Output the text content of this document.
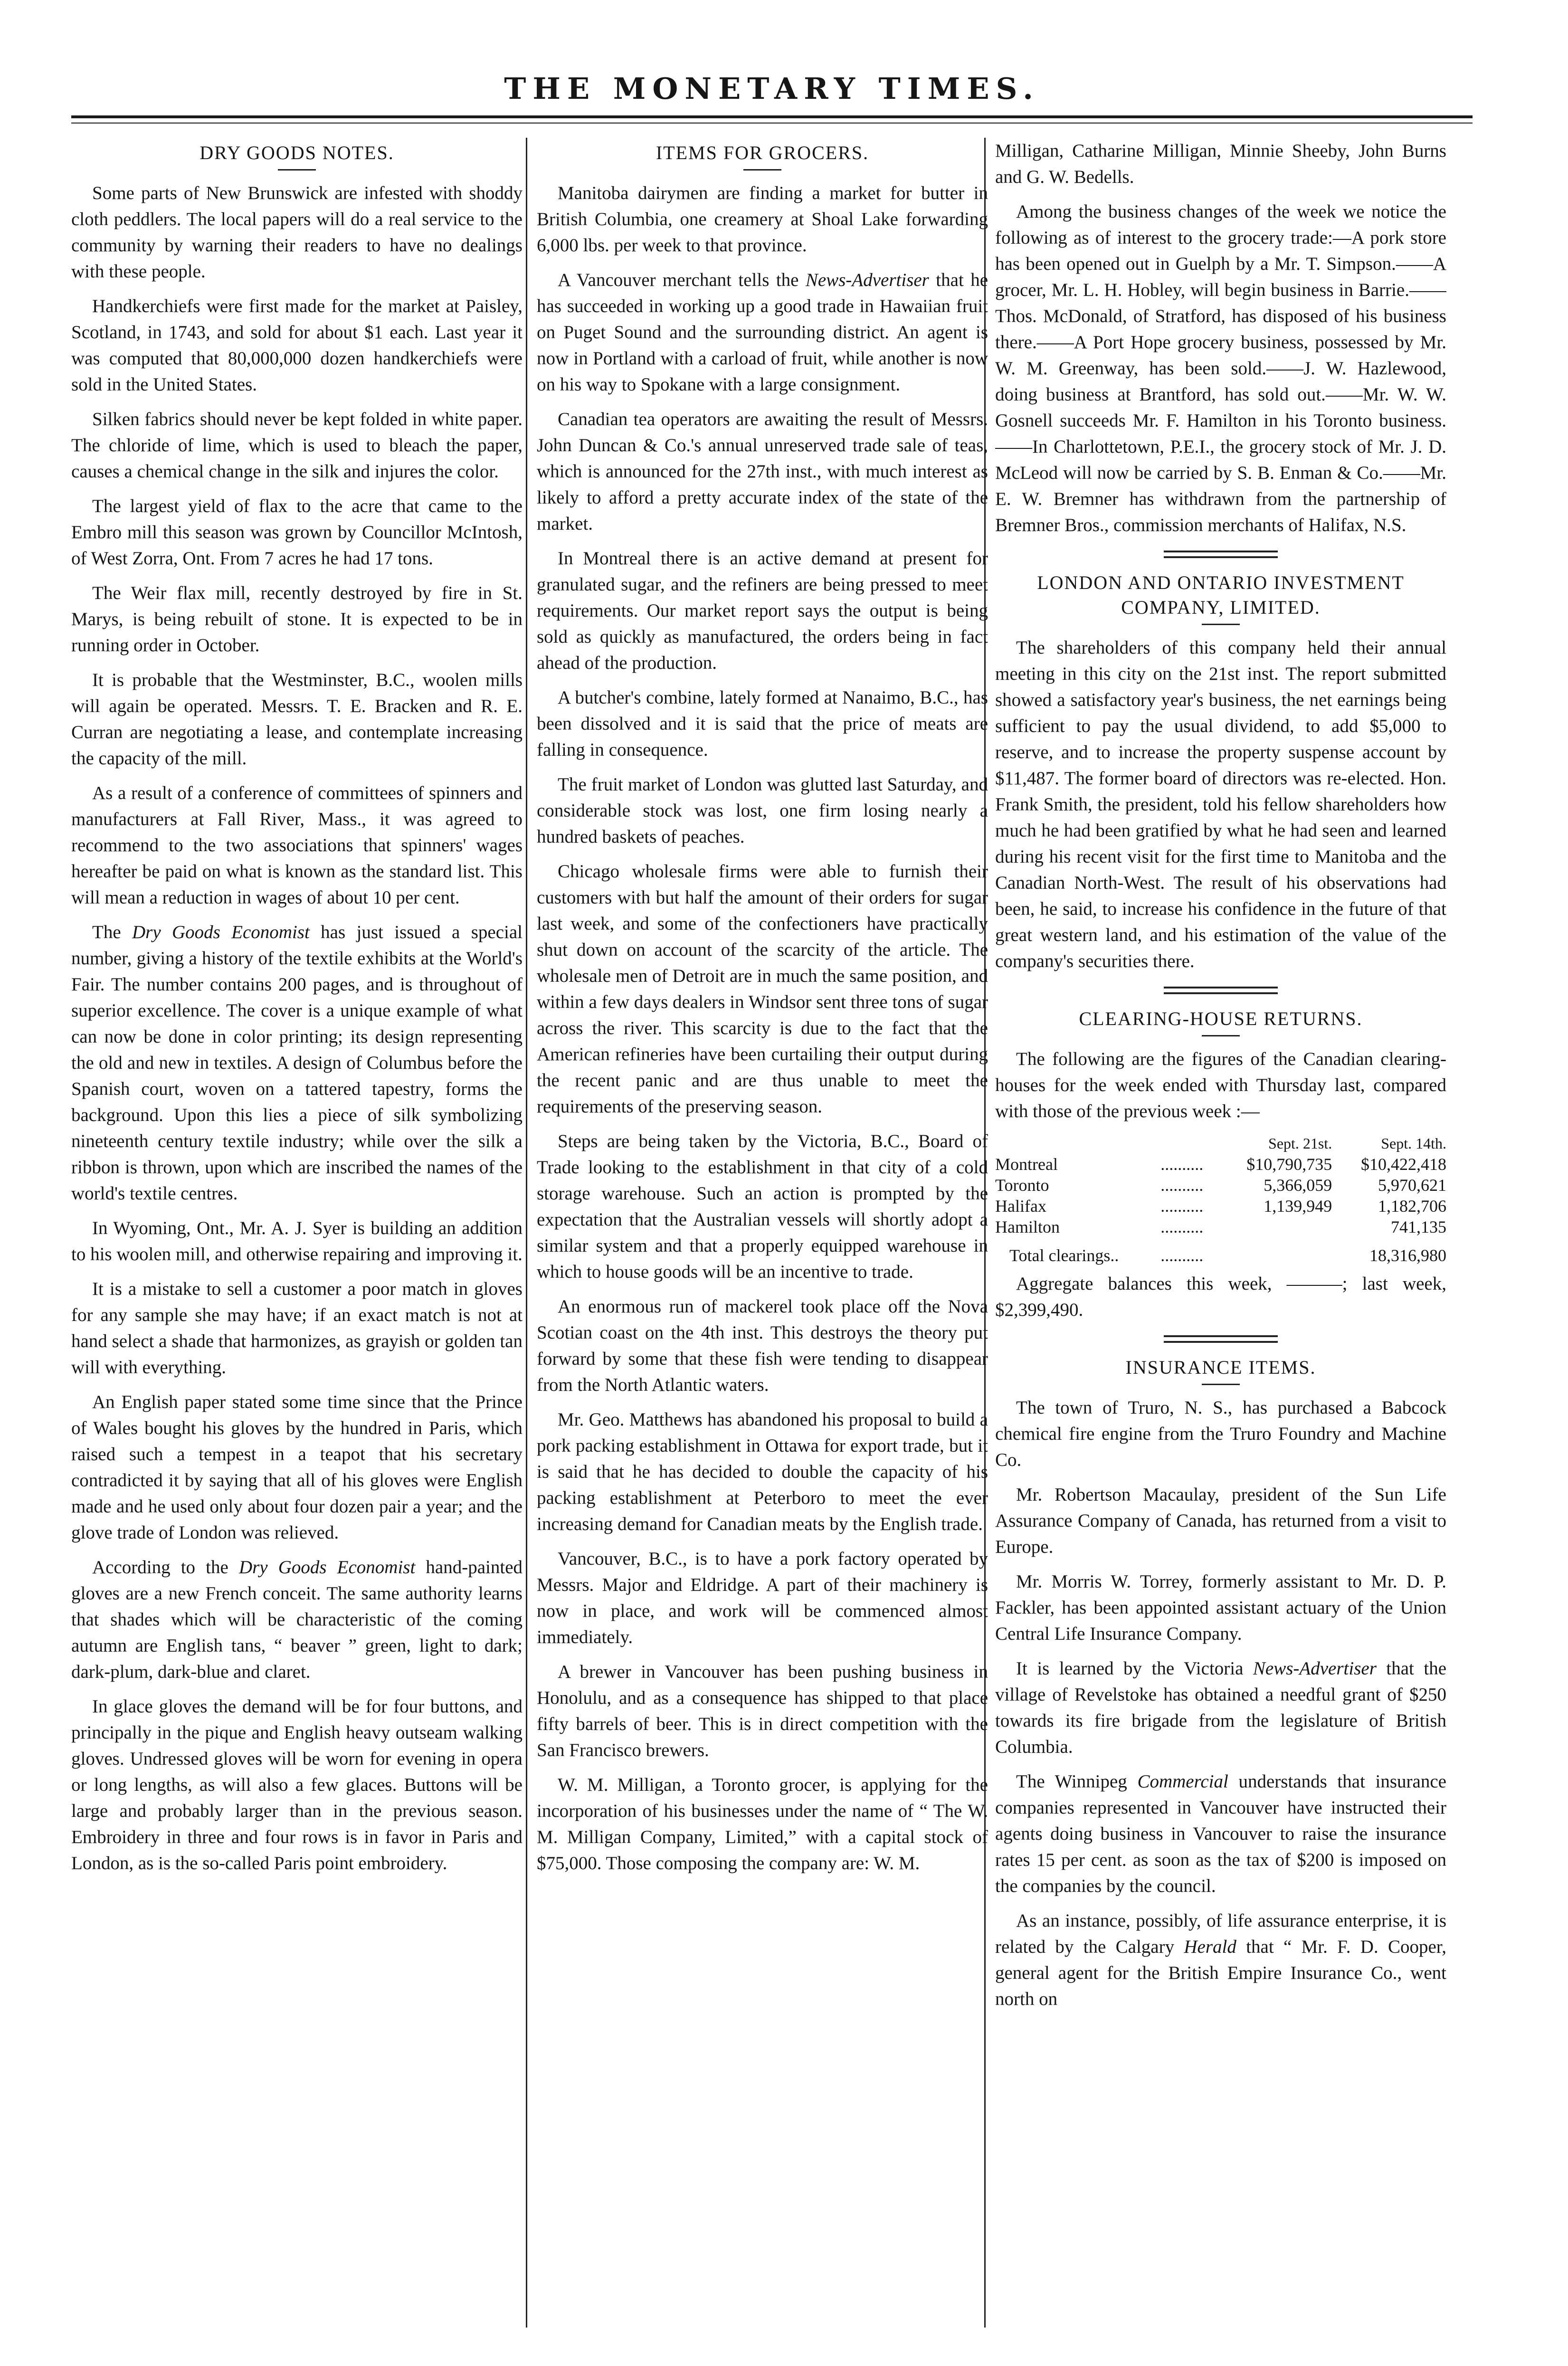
THE MONETARY TIMES.
DRY GOODS NOTES.

Some parts of New Brunswick are infested with shoddy cloth peddlers. The local papers will do a real service to the community by warning their readers to have no dealings with these people.

Handkerchiefs were first made for the market at Paisley, Scotland, in 1743, and sold for about $1 each. Last year it was computed that 80,000,000 dozen handkerchiefs were sold in the United States.

Silken fabrics should never be kept folded in white paper. The chloride of lime, which is used to bleach the paper, causes a chemical change in the silk and injures the color.

The largest yield of flax to the acre that came to the Embro mill this season was grown by Councillor McIntosh, of West Zorra, Ont. From 7 acres he had 17 tons.

The Weir flax mill, recently destroyed by fire in St. Marys, is being rebuilt of stone. It is expected to be in running order in October.

It is probable that the Westminster, B.C., woolen mills will again be operated. Messrs. T. E. Bracken and R. E. Curran are negotiating a lease, and contemplate increasing the capacity of the mill.

As a result of a conference of committees of spinners and manufacturers at Fall River, Mass., it was agreed to recommend to the two associations that spinners' wages hereafter be paid on what is known as the standard list. This will mean a reduction in wages of about 10 per cent.

The Dry Goods Economist has just issued a special number, giving a history of the textile exhibits at the World's Fair. The number contains 200 pages, and is throughout of superior excellence. The cover is a unique example of what can now be done in color printing; its design representing the old and new in textiles. A design of Columbus before the Spanish court, woven on a tattered tapestry, forms the background. Upon this lies a piece of silk symbolizing nineteenth century textile industry; while over the silk a ribbon is thrown, upon which are inscribed the names of the world's textile centres.

In Wyoming, Ont., Mr. A. J. Syer is building an addition to his woolen mill, and otherwise repairing and improving it.

It is a mistake to sell a customer a poor match in gloves for any sample she may have; if an exact match is not at hand select a shade that harmonizes, as grayish or golden tan will with everything.

An English paper stated some time since that the Prince of Wales bought his gloves by the hundred in Paris, which raised such a tempest in a teapot that his secretary contradicted it by saying that all of his gloves were English made and he used only about four dozen pair a year; and the glove trade of London was relieved.

According to the Dry Goods Economist hand-painted gloves are a new French conceit. The same authority learns that shades which will be characteristic of the coming autumn are English tans, “ beaver ” green, light to dark; dark-plum, dark-blue and claret.

In glace gloves the demand will be for four buttons, and principally in the pique and English heavy outseam walking gloves. Undressed gloves will be worn for evening in opera or long lengths, as will also a few glaces. Buttons will be large and probably larger than in the previous season. Embroidery in three and four rows is in favor in Paris and London, as is the so-called Paris point embroidery.

ITEMS FOR GROCERS.

Manitoba dairymen are finding a market for butter in British Columbia, one creamery at Shoal Lake forwarding 6,000 lbs. per week to that province.

A Vancouver merchant tells the News-Advertiser that he has succeeded in working up a good trade in Hawaiian fruit on Puget Sound and the surrounding district. An agent is now in Portland with a carload of fruit, while another is now on his way to Spokane with a large consignment.

Canadian tea operators are awaiting the result of Messrs. John Duncan & Co.'s annual unreserved trade sale of teas, which is announced for the 27th inst., with much interest as likely to afford a pretty accurate index of the state of the market.

In Montreal there is an active demand at present for granulated sugar, and the refiners are being pressed to meet requirements. Our market report says the output is being sold as quickly as manufactured, the orders being in fact ahead of the production.

A butcher's combine, lately formed at Nanaimo, B.C., has been dissolved and it is said that the price of meats are falling in consequence.

The fruit market of London was glutted last Saturday, and considerable stock was lost, one firm losing nearly a hundred baskets of peaches.

Chicago wholesale firms were able to furnish their customers with but half the amount of their orders for sugar last week, and some of the confectioners have practically shut down on account of the scarcity of the article. The wholesale men of Detroit are in much the same position, and within a few days dealers in Windsor sent three tons of sugar across the river. This scarcity is due to the fact that the American refineries have been curtailing their output during the recent panic and are thus unable to meet the requirements of the preserving season.

Steps are being taken by the Victoria, B.C., Board of Trade looking to the establishment in that city of a cold storage warehouse. Such an action is prompted by the expectation that the Australian vessels will shortly adopt a similar system and that a properly equipped warehouse in which to house goods will be an incentive to trade.

An enormous run of mackerel took place off the Nova Scotian coast on the 4th inst. This destroys the theory put forward by some that these fish were tending to disappear from the North Atlantic waters.

Mr. Geo. Matthews has abandoned his proposal to build a pork packing establishment in Ottawa for export trade, but it is said that he has decided to double the capacity of his packing establishment at Peterboro to meet the ever increasing demand for Canadian meats by the English trade.

Vancouver, B.C., is to have a pork factory operated by Messrs. Major and Eldridge. A part of their machinery is now in place, and work will be commenced almost immediately.

A brewer in Vancouver has been pushing business in Honolulu, and as a consequence has shipped to that place fifty barrels of beer. This is in direct competition with the San Francisco brewers.

W. M. Milligan, a Toronto grocer, is applying for the incorporation of his businesses under the name of “ The W. M. Milligan Company, Limited,” with a capital stock of $75,000. Those composing the company are: W. M.

Milligan, Catharine Milligan, Minnie Sheeby, John Burns and G. W. Bedells.

Among the business changes of the week we notice the following as of interest to the grocery trade:—A pork store has been opened out in Guelph by a Mr. T. Simpson.——A grocer, Mr. L. H. Hobley, will begin business in Barrie.——Thos. McDonald, of Stratford, has disposed of his business there.——A Port Hope grocery business, possessed by Mr. W. M. Greenway, has been sold.——J. W. Hazlewood, doing business at Brantford, has sold out.——Mr. W. W. Gosnell succeeds Mr. F. Hamilton in his Toronto business.——In Charlottetown, P.E.I., the grocery stock of Mr. J. D. McLeod will now be carried by S. B. Enman & Co.——Mr. E. W. Bremner has withdrawn from the partnership of Bremner Bros., commission merchants of Halifax, N.S.

LONDON AND ONTARIO INVESTMENT COMPANY, LIMITED.

The shareholders of this company held their annual meeting in this city on the 21st inst. The report submitted showed a satisfactory year's business, the net earnings being sufficient to pay the usual dividend, to add $5,000 to reserve, and to increase the property suspense account by $11,487. The former board of directors was re-elected. Hon. Frank Smith, the president, told his fellow shareholders how much he had been gratified by what he had seen and learned during his recent visit for the first time to Manitoba and the Canadian North-West. The result of his observations had been, he said, to increase his confidence in the future of that great western land, and his estimation of the value of the company's securities there.

CLEARING-HOUSE RETURNS.

The following are the figures of the Canadian clearing-houses for the week ended with Thursday last, compared with those of the previous week :—

		Sept. 21st.	Sept. 14th.
Montreal	..........	$10,790,735	$10,422,418
Toronto	..........	5,366,059	5,970,621
Halifax	..........	1,139,949	1,182,706
Hamilton	..........		741,135
Total clearings..	..........		18,316,980

Aggregate balances this week, ———; last week, $2,399,490.

INSURANCE ITEMS.

The town of Truro, N. S., has purchased a Babcock chemical fire engine from the Truro Foundry and Machine Co.

Mr. Robertson Macaulay, president of the Sun Life Assurance Company of Canada, has returned from a visit to Europe.

Mr. Morris W. Torrey, formerly assistant to Mr. D. P. Fackler, has been appointed assistant actuary of the Union Central Life Insurance Company.

It is learned by the Victoria News-Advertiser that the village of Revelstoke has obtained a needful grant of $250 towards its fire brigade from the legislature of British Columbia.

The Winnipeg Commercial understands that insurance companies represented in Vancouver have instructed their agents doing business in Vancouver to raise the insurance rates 15 per cent. as soon as the tax of $200 is imposed on the companies by the council.

As an instance, possibly, of life assurance enterprise, it is related by the Calgary Herald that “ Mr. F. D. Cooper, general agent for the British Empire Insurance Co., went north on
